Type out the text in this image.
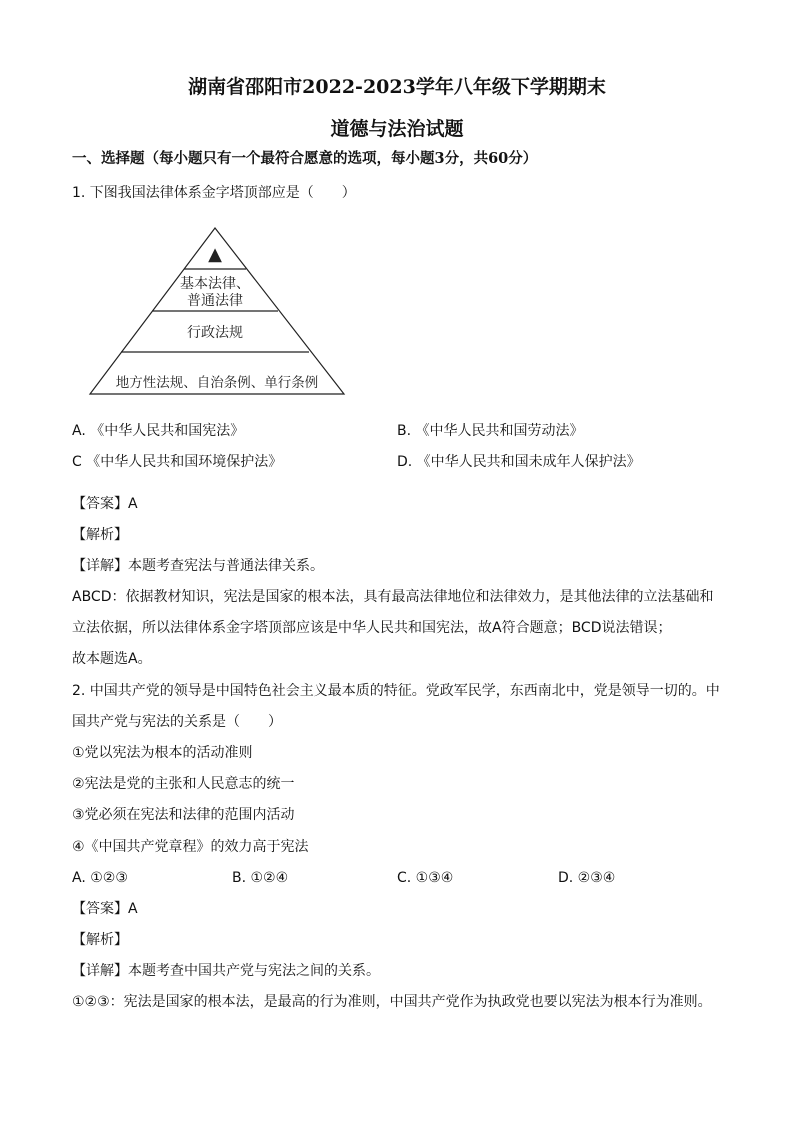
湖南省邵阳市2022-2023学年八年级下学期期末
道德与法治试题
一、选择题（每小题只有一个最符合愿意的选项，每小题3分，共60分）
1. 下图我国法律体系金字塔顶部应是（　　）
▲
基本法律、
普通法律
行政法规
地方性法规、自治条例、单行条例
A. 《中华人民共和国宪法》	B. 《中华人民共和国劳动法》
C 《中华人民共和国环境保护法》	D. 《中华人民共和国未成年人保护法》
【答案】A
【解析】
【详解】本题考查宪法与普通法律关系。
ABCD：依据教材知识，宪法是国家的根本法，具有最高法律地位和法律效力，是其他法律的立法基础和
立法依据，所以法律体系金字塔顶部应该是中华人民共和国宪法，故A符合题意；BCD说法错误；
故本题选A。
2. 中国共产党的领导是中国特色社会主义最本质的特征。党政军民学，东西南北中，党是领导一切的。中
国共产党与宪法的关系是（　　）
①党以宪法为根本的活动准则
②宪法是党的主张和人民意志的统一
③党必须在宪法和法律的范围内活动
④《中国共产党章程》的效力高于宪法
A. ①②③	B. ①②④	C. ①③④	D. ②③④
【答案】A
【解析】
【详解】本题考查中国共产党与宪法之间的关系。
①②③：宪法是国家的根本法，是最高的行为准则，中国共产党作为执政党也要以宪法为根本行为准则。
